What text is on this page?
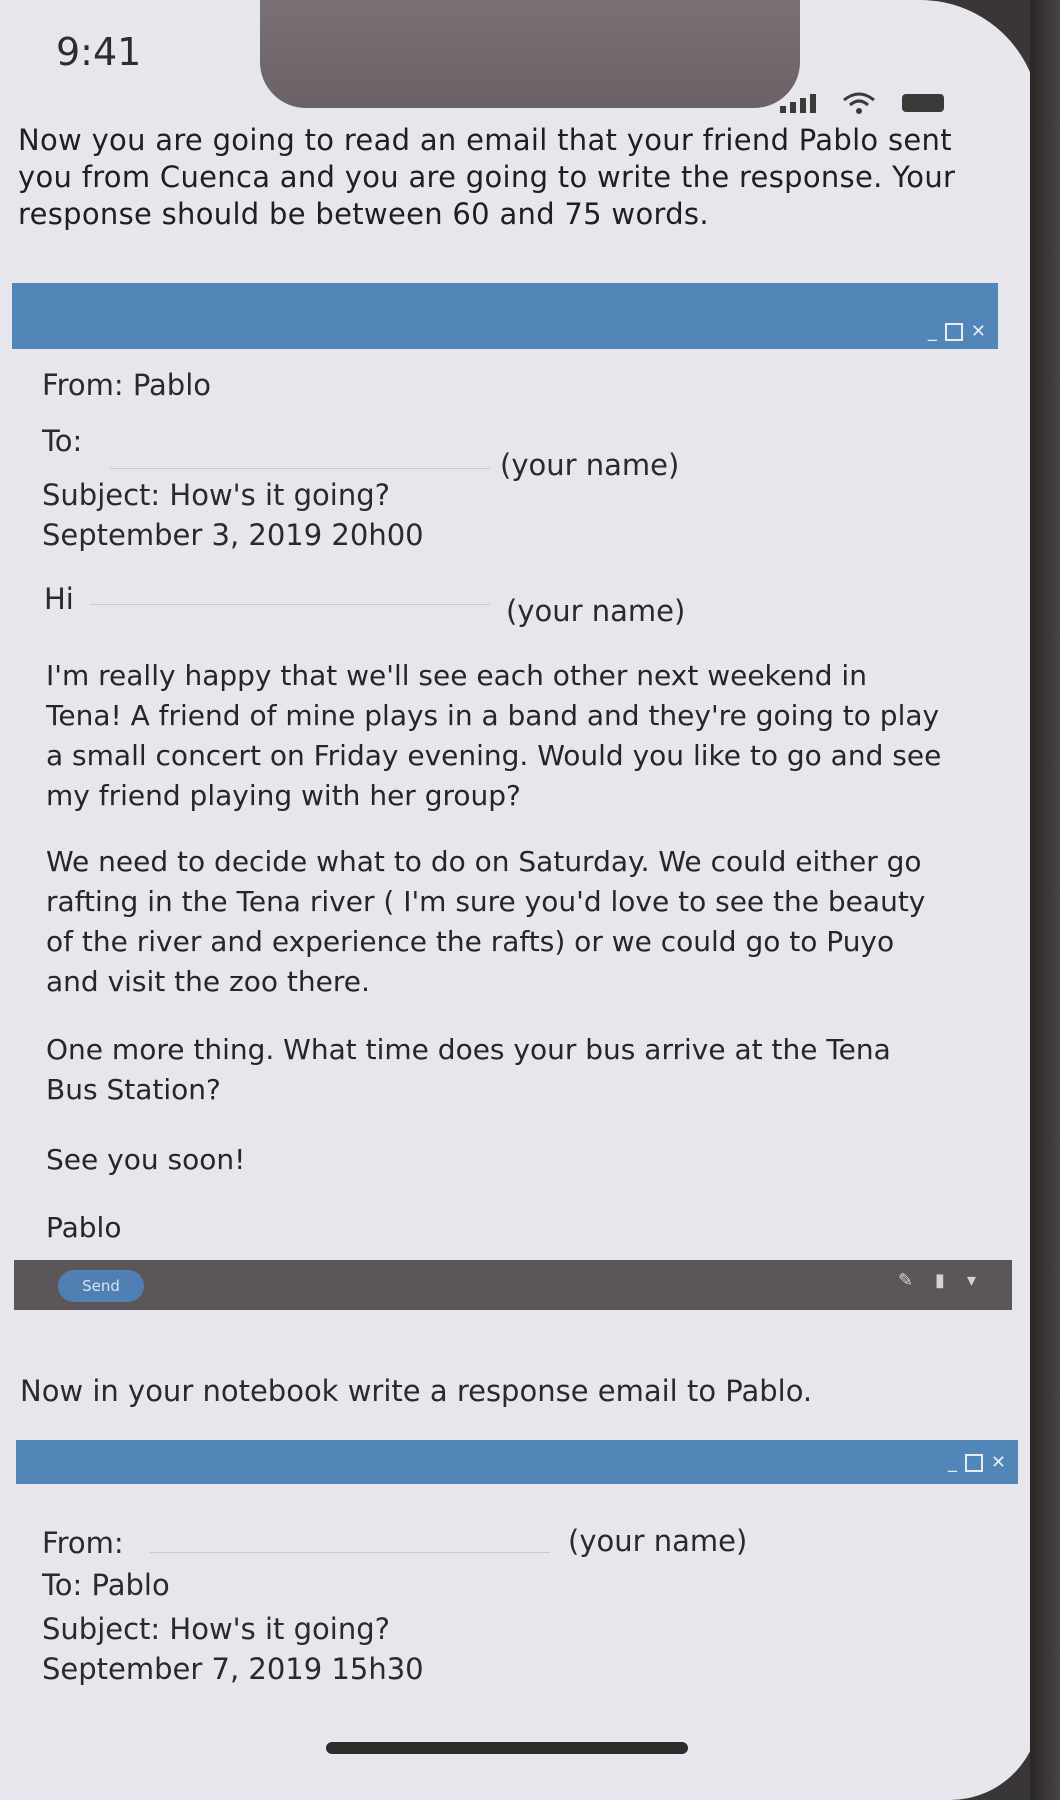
9:41
Now you are going to read an email that your friend Pablo sent you from Cuenca and you are going to write the response. Your response should be between 60 and 75 words.
_ ✕
From: Pablo
To:
(your name)
Subject: How's it going?
September 3, 2019 20h00
Hi	(your name)
I'm really happy that we'll see each other next weekend in Tena! A friend of mine plays in a band and they're going to play a small concert on Friday evening. Would you like to go and see my friend playing with her group?
We need to decide what to do on Saturday. We could either go rafting in the Tena river ( I'm sure you'd love to see the beauty of the river and experience the rafts) or we could go to Puyo and visit the zoo there.
One more thing. What time does your bus arrive at the Tena Bus Station?
See you soon!
Pablo
Send	✎ ▮ ▾
Now in your notebook write a response email to Pablo.
_ ✕
From:	(your name)
To: Pablo
Subject: How's it going?
September 7, 2019 15h30
